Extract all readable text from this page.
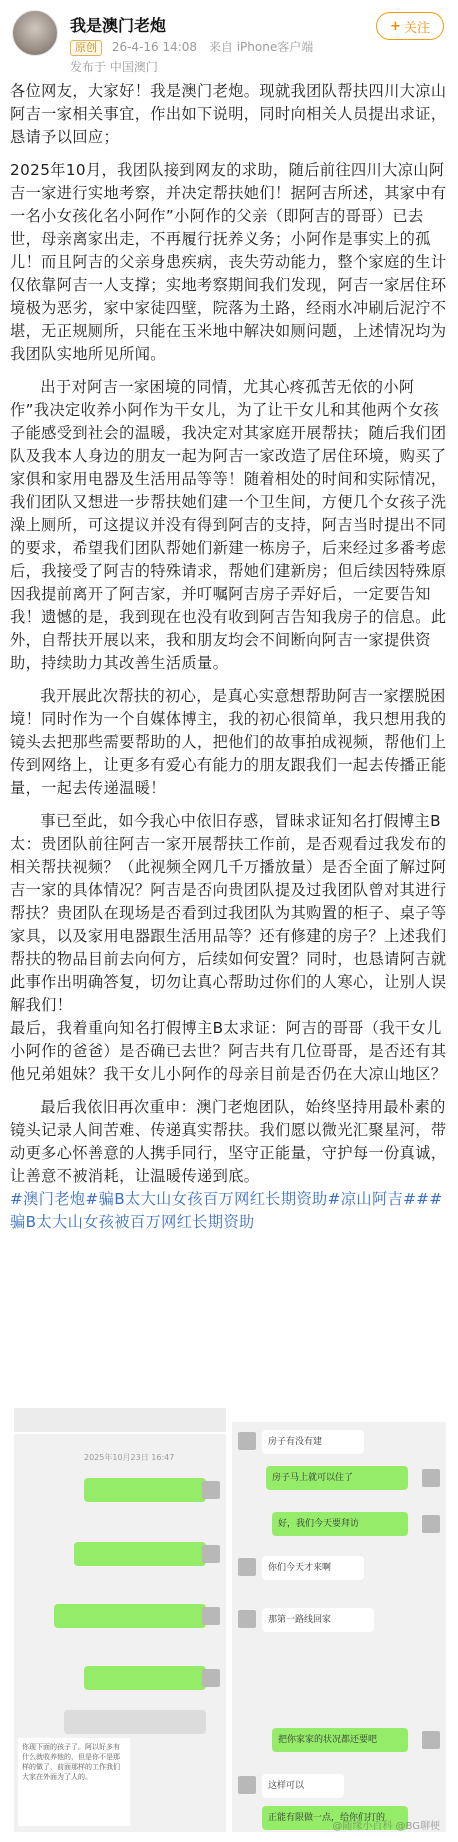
我是澳门老炮
原创 26-4-16 14:08 来自 iPhone客户端
发布于 中国澳门
+ 关注

各位网友，大家好！我是澳门老炮。现就我团队帮扶四川大凉山阿吉一家相关事宜，作出如下说明，同时向相关人员提出求证，恳请予以回应；

2025年10月，我团队接到网友的求助，随后前往四川大凉山阿吉一家进行实地考察，并决定帮扶她们！据阿吉所述，其家中有一名小女孩化名小阿作”小阿作的父亲（即阿吉的哥哥）已去世，母亲离家出走，不再履行抚养义务；小阿作是事实上的孤儿！而且阿吉的父亲身患疾病，丧失劳动能力，整个家庭的生计仅依靠阿吉一人支撑；实地考察期间我们发现，阿吉一家居住环境极为恶劣，家中家徒四壁，院落为土路，经雨水冲刷后泥泞不堪，无正规厕所，只能在玉米地中解决如厕问题，上述情况均为我团队实地所见所闻。

出于对阿吉一家困境的同情，尤其心疼孤苦无依的小阿作”我决定收养小阿作为干女儿，为了让干女儿和其他两个女孩子能感受到社会的温暖，我决定对其家庭开展帮扶；随后我们团队及我本人身边的朋友一起为阿吉一家改造了居住环境，购买了家俱和家用电器及生活用品等等！随着相处的时间和实际情况，我们团队又想进一步帮扶她们建一个卫生间，方便几个女孩子洗澡上厕所，可这提议并没有得到阿吉的支持，阿吉当时提出不同的要求，希望我们团队帮她们新建一栋房子，后来经过多番考虑后，我接受了阿吉的特殊请求，帮她们建新房；但后续因特殊原因我提前离开了阿吉家，并叮嘱阿吉房子弄好后，一定要告知我！遗憾的是，我到现在也没有收到阿吉告知我房子的信息。此外，自帮扶开展以来，我和朋友均会不间断向阿吉一家提供资助，持续助力其改善生活质量。

我开展此次帮扶的初心，是真心实意想帮助阿吉一家摆脱困境！同时作为一个自媒体博主，我的初心很简单，我只想用我的镜头去把那些需要帮助的人，把他们的故事拍成视频，帮他们上传到网络上，让更多有爱心有能力的朋友跟我们一起去传播正能量，一起去传递温暖！

事已至此，如今我心中依旧存惑，冒昧求证知名打假博主B太：贵团队前往阿吉一家开展帮扶工作前，是否观看过我发布的相关帮扶视频？（此视频全网几千万播放量）是否全面了解过阿吉一家的具体情况？阿吉是否向贵团队提及过我团队曾对其进行帮扶？贵团队在现场是否看到过我团队为其购置的柜子、桌子等家具，以及家用电器跟生活用品等？还有修建的房子？上述我们帮扶的物品目前去向何方，后续如何安置？同时，也恳请阿吉就此事作出明确答复，切勿让真心帮助过你们的人寒心，让别人误解我们！

最后，我着重向知名打假博主B太求证：阿吉的哥哥（我干女儿小阿作的爸爸）是否确已去世？阿吉共有几位哥哥，是否还有其他兄弟姐妹？我干女儿小阿作的母亲目前是否仍在大凉山地区？

最后我依旧再次重申：澳门老炮团队，始终坚持用最朴素的镜头记录人间苦难、传递真实帮扶。我们愿以微光汇聚星河，带动更多心怀善意的人携手同行，坚守正能量，守护每一份真诚，让善意不被消耗，让温暖传递到底。

#澳门老炮#骗B太大山女孩百万网红长期资助#凉山阿吉###骗B太大山女孩被百万网红长期资助

2025年10月23日 16:47
你现下面的孩子了。阿以好多有什么就收养他的，但是你不是那样的做了，前面那样的工作我们大家在外面为了人的。
房子有没有建
房子马上就可以住了
好，我们今天要拜访
你们今天才来啊
那第一路线回家
把你家家的状况都还要吧
这样可以
正能有限做一点，给你们打的
@随缘小百科 @BG聊梗
